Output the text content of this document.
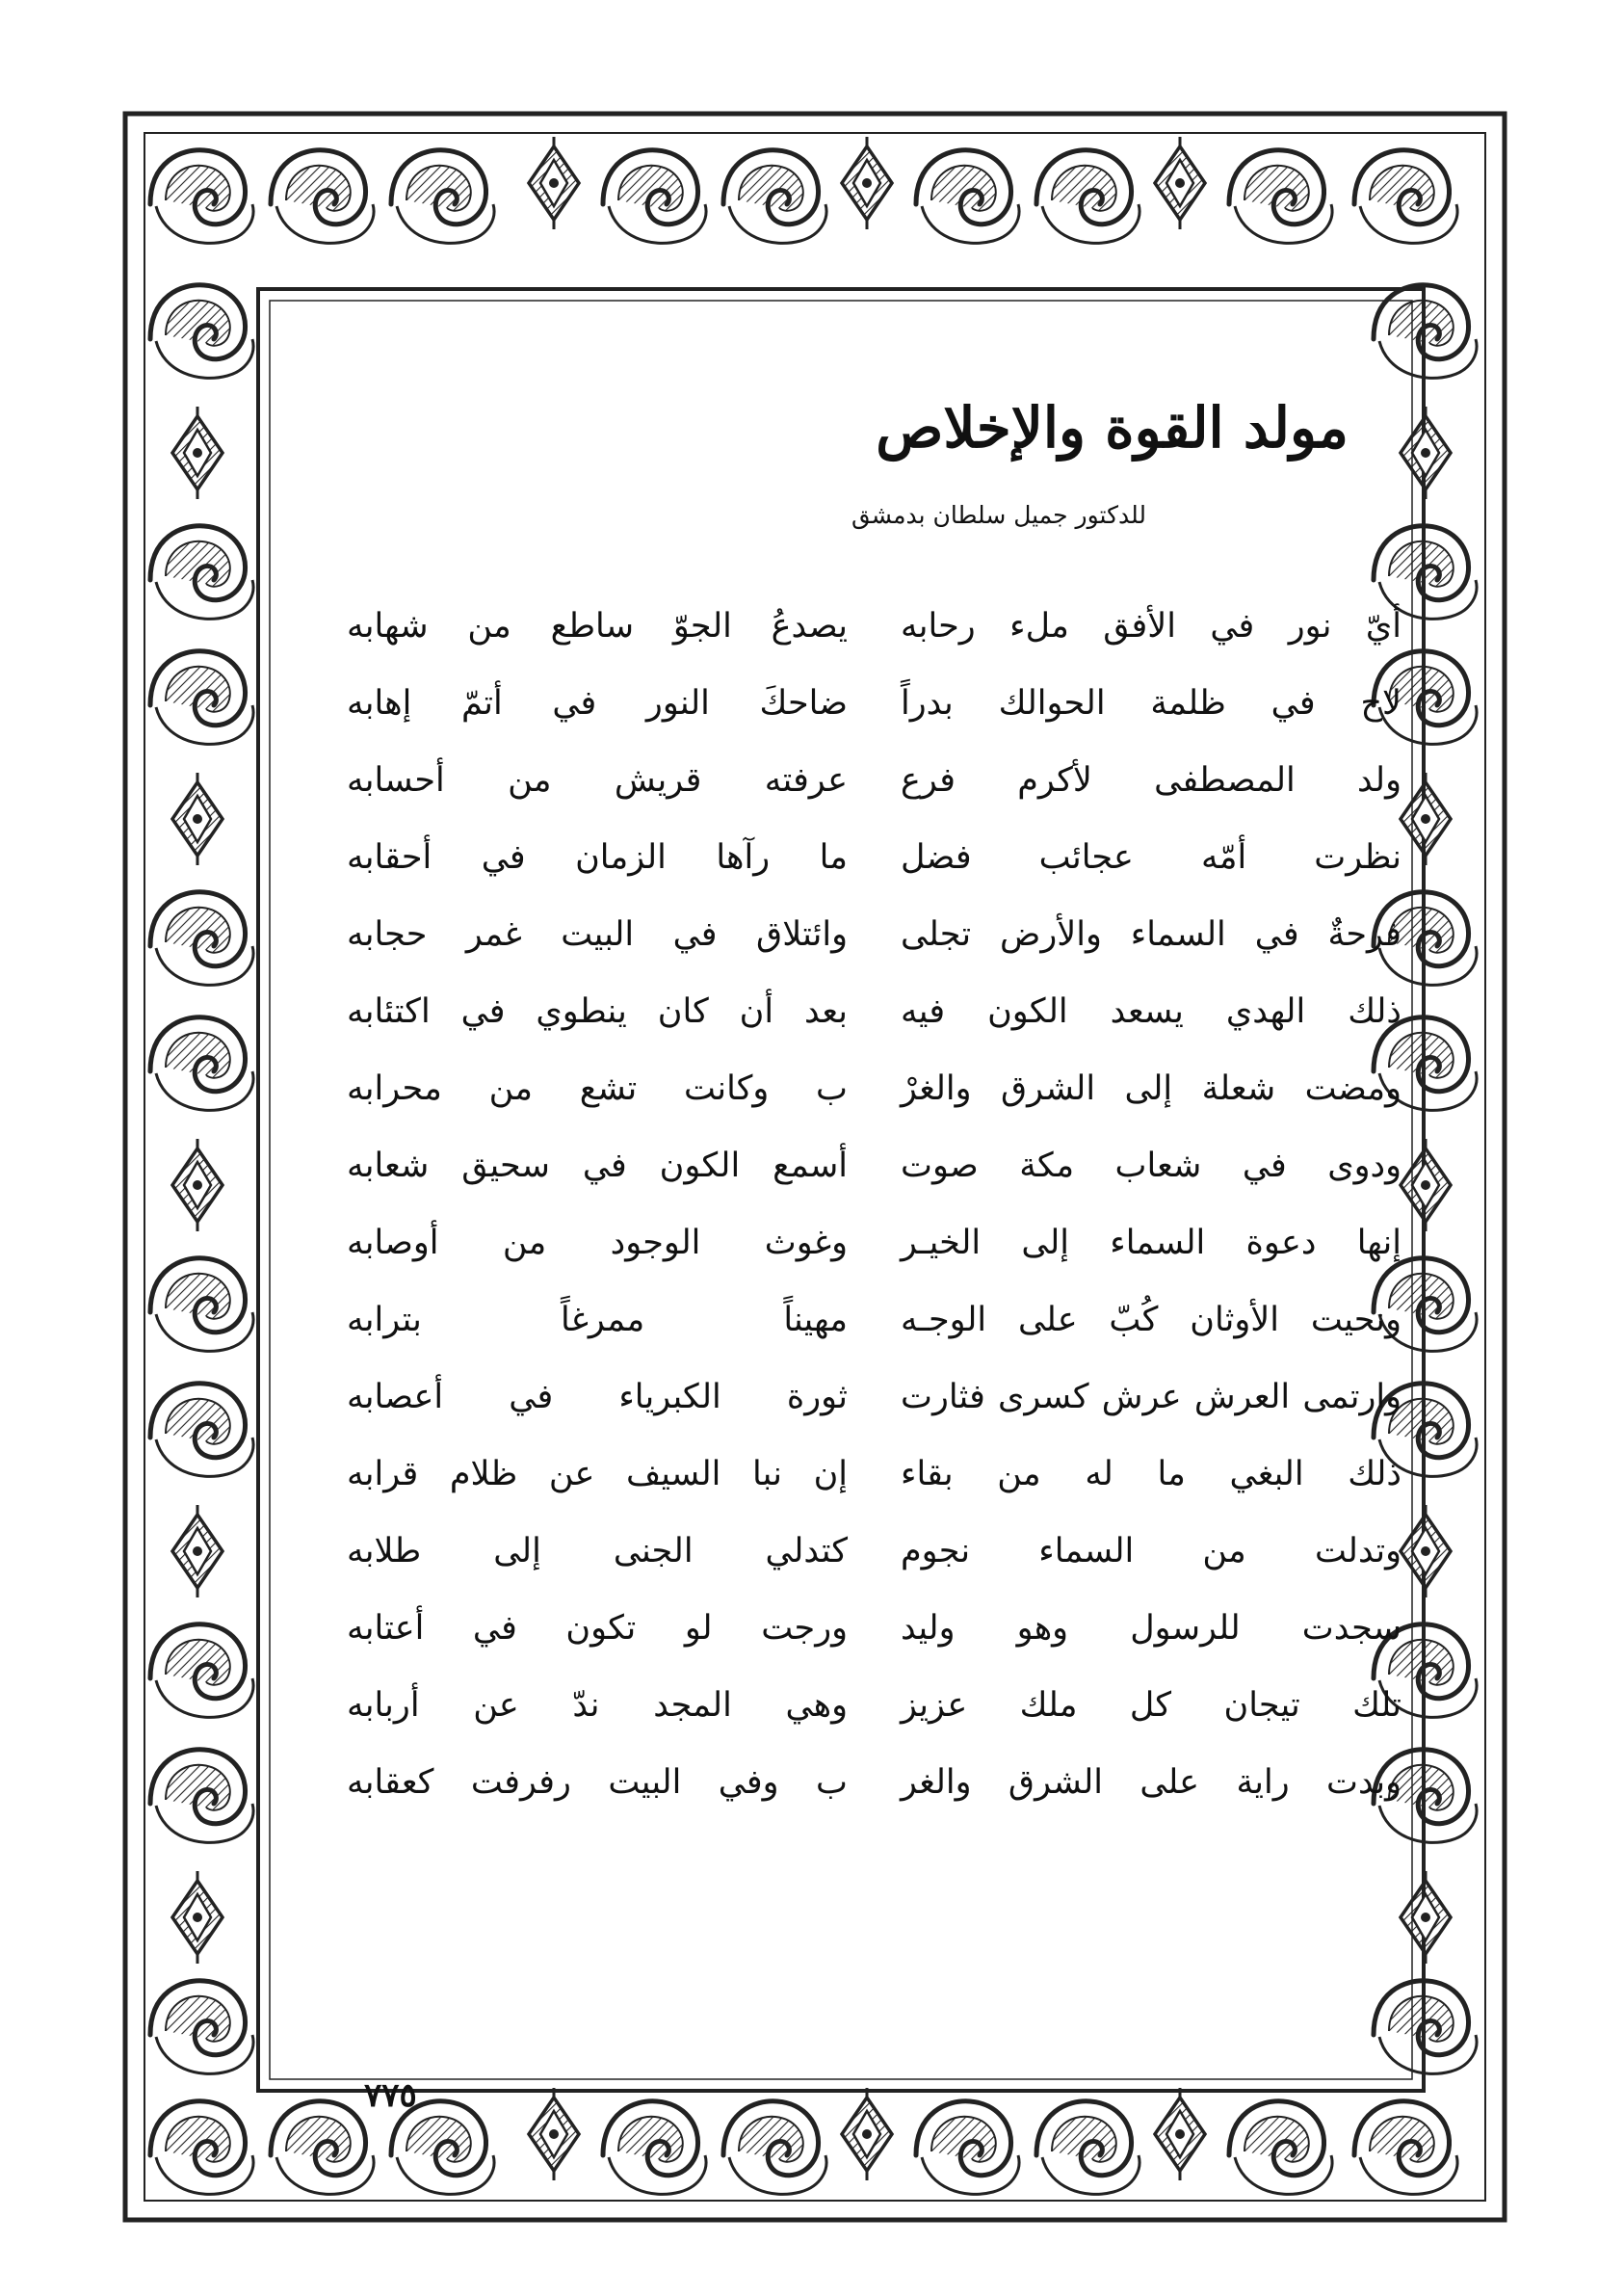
مولد القوة والإخلاص
للدكتور جميل سلطان بدمشق
أيّ نور في الأفق ملء رحابه
يصدعُ الجوّ ساطع من شهابه
لاح في ظلمة الحوالك بدراً
ضاحكَ النور في أتمّ إهابه
ولد المصطفى لأكرم فرع
عرفته قريش من أحسابه
نظرت أمّه عجائب فضل
ما رآها الزمان في أحقابه
فرحةٌ في السماء والأرض تجلى
وائتلاق في البيت غمر حجابه
ذلك الهدي يسعد الكون فيه
بعد أن كان ينطوي في اكتئابه
ومضت شعلة إلى الشرق والغرْ
ب وكانت تشع من محرابه
ودوى في شعاب مكة صوت
أسمع الكون في سحيق شعابه
إنها دعوة السماء إلى الخيـر
وغوث الوجود من أوصابه
ونحيت الأوثان كُبّ على الوجـه
مهيناً ممرغاً بترابه
وارتمى العرش عرش كسرى فثارت
ثورة الكبرياء في أعصابه
ذلك البغي ما له من بقاء
إن نبا السيف عن ظلام قرابه
وتدلت من السماء نجوم
كتدلي الجنى إلى طلابه
سجدت للرسول وهو وليد
ورجت لو تكون في أعتابه
تلك تيجان كل ملك عزيز
وهي المجد ندّ عن أربابه
وبدت راية على الشرق والغر
ب وفي البيت رفرفت كعقابه
٧٧٥
